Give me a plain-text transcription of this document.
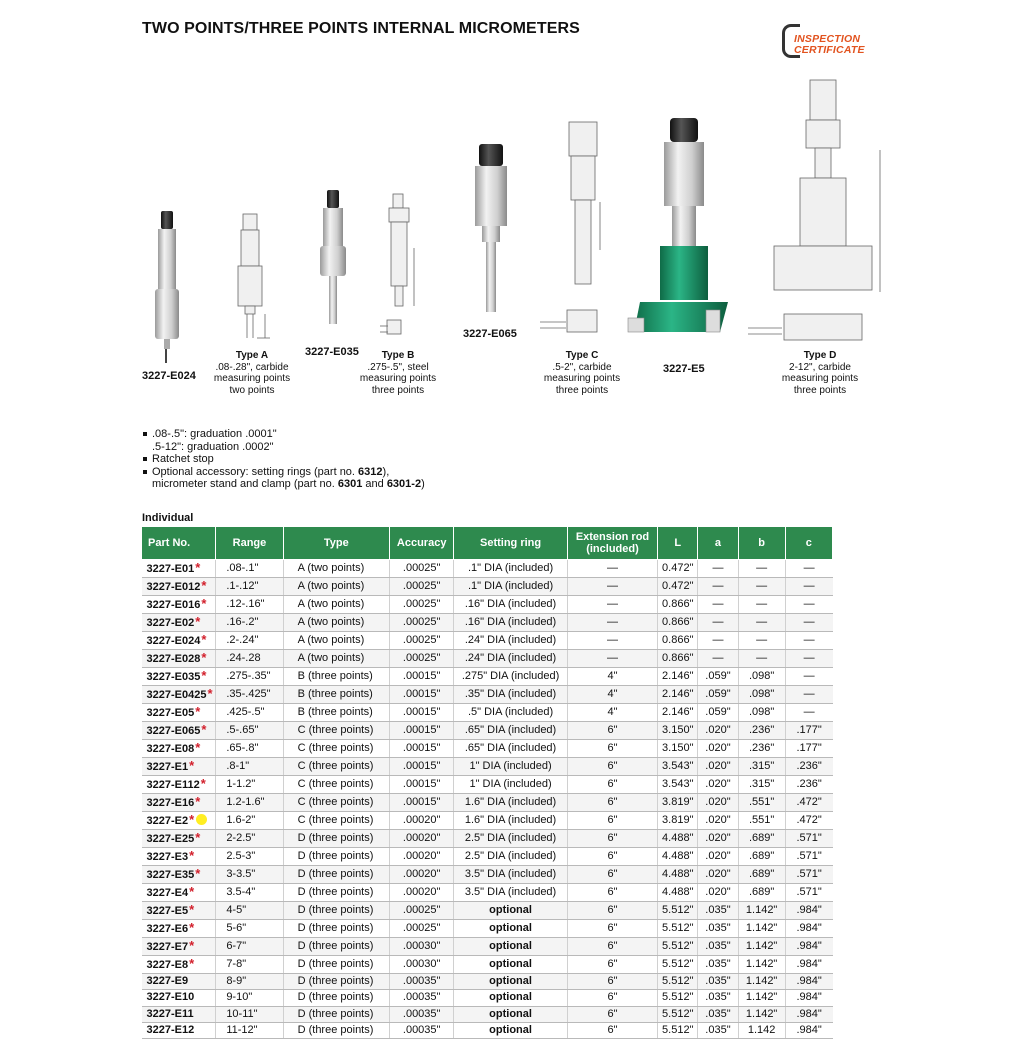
TWO POINTS/THREE POINTS INTERNAL MICROMETERS
INSPECTION
CERTIFICATE
3227-E024
3227-E035
3227-E065
3227-E5
Type A
.08-.28", carbide
measuring points
two points
Type B
.275-.5", steel
measuring points
three points
Type C
.5-2", carbide
measuring points
three points
Type D
2-12", carbide
measuring points
three points
.08-.5": graduation .0001"
.5-12": graduation .0002"
Ratchet stop
Optional accessory: setting rings (part no. 6312),
micrometer stand and clamp (part no. 6301 and 6301-2)
Individual
Part No.	Range	Type	Accuracy	Setting ring	Extension rod
(included)	L	a	b	c
3227-E01*	.08-.1"	A (two points)	.00025"	.1" DIA (included)	—	0.472"	—	—	—
3227-E012*	.1-.12"	A (two points)	.00025"	.1" DIA (included)	—	0.472"	—	—	—
3227-E016*	.12-.16"	A (two points)	.00025"	.16" DIA (included)	—	0.866"	—	—	—
3227-E02*	.16-.2"	A (two points)	.00025"	.16" DIA (included)	—	0.866"	—	—	—
3227-E024*	.2-.24"	A (two points)	.00025"	.24" DIA (included)	—	0.866"	—	—	—
3227-E028*	.24-.28	A (two points)	.00025"	.24" DIA (included)	—	0.866"	—	—	—
3227-E035*	.275-.35"	B (three points)	.00015"	.275" DIA (included)	4"	2.146"	.059"	.098"	—
3227-E0425*	.35-.425"	B (three points)	.00015"	.35" DIA (included)	4"	2.146"	.059"	.098"	—
3227-E05*	.425-.5"	B (three points)	.00015"	.5" DIA (included)	4"	2.146"	.059"	.098"	—
3227-E065*	.5-.65"	C (three points)	.00015"	.65" DIA (included)	6"	3.150"	.020"	.236"	.177"
3227-E08*	.65-.8"	C (three points)	.00015"	.65" DIA (included)	6"	3.150"	.020"	.236"	.177"
3227-E1*	.8-1"	C (three points)	.00015"	1" DIA (included)	6"	3.543"	.020"	.315"	.236"
3227-E112*	1-1.2"	C (three points)	.00015"	1" DIA (included)	6"	3.543"	.020"	.315"	.236"
3227-E16*	1.2-1.6"	C (three points)	.00015"	1.6" DIA (included)	6"	3.819"	.020"	.551"	.472"
3227-E2*	1.6-2"	C (three points)	.00020"	1.6" DIA (included)	6"	3.819"	.020"	.551"	.472"
3227-E25*	2-2.5"	D (three points)	.00020"	2.5" DIA (included)	6"	4.488"	.020"	.689"	.571"
3227-E3*	2.5-3"	D (three points)	.00020"	2.5" DIA (included)	6"	4.488"	.020"	.689"	.571"
3227-E35*	3-3.5"	D (three points)	.00020"	3.5" DIA (included)	6"	4.488"	.020"	.689"	.571"
3227-E4*	3.5-4"	D (three points)	.00020"	3.5" DIA (included)	6"	4.488"	.020"	.689"	.571"
3227-E5*	4-5"	D (three points)	.00025"	optional	6"	5.512"	.035"	1.142"	.984"
3227-E6*	5-6"	D (three points)	.00025"	optional	6"	5.512"	.035"	1.142"	.984"
3227-E7*	6-7"	D (three points)	.00030"	optional	6"	5.512"	.035"	1.142"	.984"
3227-E8*	7-8"	D (three points)	.00030"	optional	6"	5.512"	.035"	1.142"	.984"
3227-E9	8-9"	D (three points)	.00035"	optional	6"	5.512"	.035"	1.142"	.984"
3227-E10	9-10"	D (three points)	.00035"	optional	6"	5.512"	.035"	1.142"	.984"
3227-E11	10-11"	D (three points)	.00035"	optional	6"	5.512"	.035"	1.142"	.984"
3227-E12	11-12"	D (three points)	.00035"	optional	6"	5.512"	.035"	1.142	.984"
